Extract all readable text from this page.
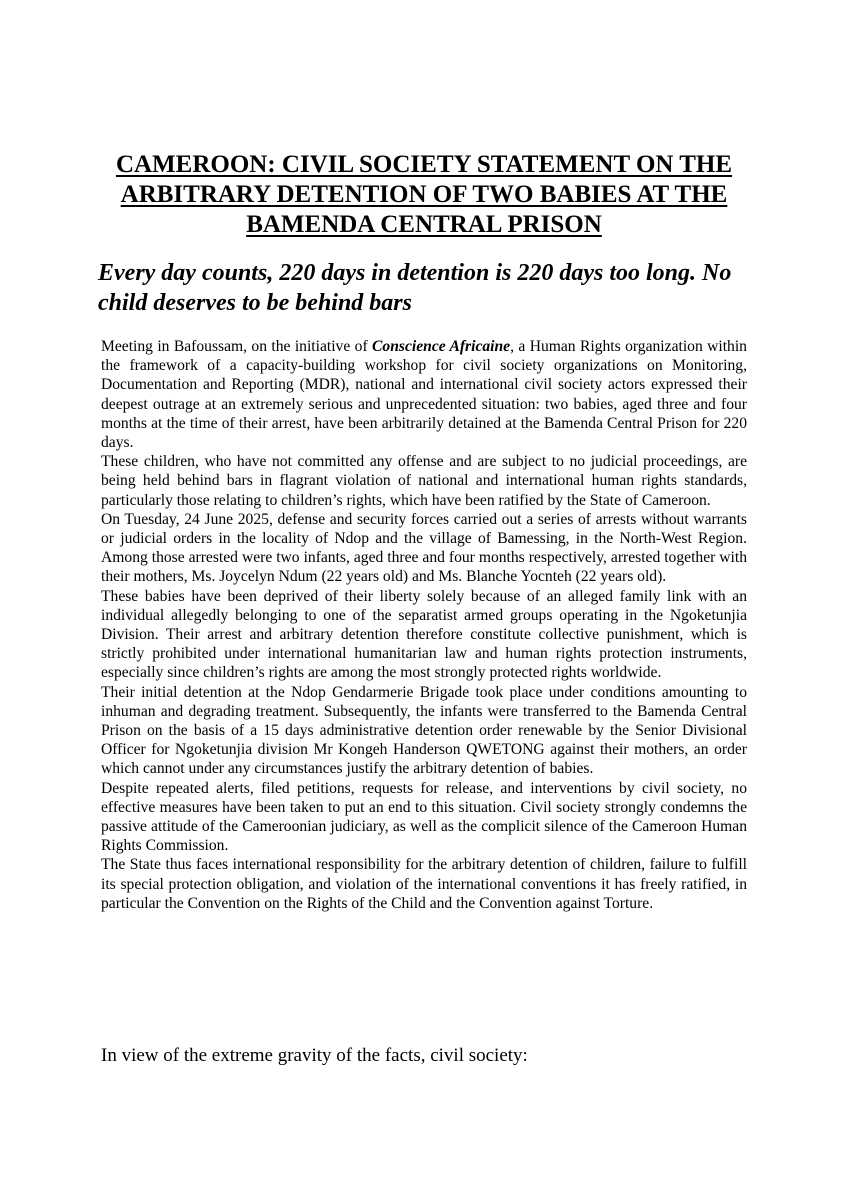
CAMEROON: CIVIL SOCIETY STATEMENT ON THE
ARBITRARY DETENTION OF TWO BABIES AT THE
BAMENDA CENTRAL PRISON
Every day counts, 220 days in detention is 220 days too long. No child deserves to be behind bars

Meeting in Bafoussam, on the initiative of Conscience Africaine, a Human Rights organization within the framework of a capacity-building workshop for civil society organizations on Monitoring, Documentation and Reporting (MDR), national and international civil society actors expressed their deepest outrage at an extremely serious and unprecedented situation: two babies, aged three and four months at the time of their arrest, have been arbitrarily detained at the Bamenda Central Prison for 220 days.

These children, who have not committed any offense and are subject to no judicial proceedings, are being held behind bars in flagrant violation of national and international human rights standards, particularly those relating to children’s rights, which have been ratified by the State of Cameroon.

On Tuesday, 24 June 2025, defense and security forces carried out a series of arrests without warrants or judicial orders in the locality of Ndop and the village of Bamessing, in the North-West Region. Among those arrested were two infants, aged three and four months respectively, arrested together with their mothers, Ms. Joycelyn Ndum (22 years old) and Ms. Blanche Yocnteh (22 years old).

These babies have been deprived of their liberty solely because of an alleged family link with an individual allegedly belonging to one of the separatist armed groups operating in the Ngoketunjia Division. Their arrest and arbitrary detention therefore constitute collective punishment, which is strictly prohibited under international humanitarian law and human rights protection instruments, especially since children’s rights are among the most strongly protected rights worldwide.

Their initial detention at the Ndop Gendarmerie Brigade took place under conditions amounting to inhuman and degrading treatment. Subsequently, the infants were transferred to the Bamenda Central Prison on the basis of a 15 days administrative detention order renewable by the Senior Divisional Officer for Ngoketunjia division Mr Kongeh Handerson QWETONG against their mothers, an order which cannot under any circumstances justify the arbitrary detention of babies.

Despite repeated alerts, filed petitions, requests for release, and interventions by civil society, no effective measures have been taken to put an end to this situation. Civil society strongly condemns the passive attitude of the Cameroonian judiciary, as well as the complicit silence of the Cameroon Human Rights Commission.

The State thus faces international responsibility for the arbitrary detention of children, failure to fulfill its special protection obligation, and violation of the international conventions it has freely ratified, in particular the Convention on the Rights of the Child and the Convention against Torture.

In view of the extreme gravity of the facts, civil society:
